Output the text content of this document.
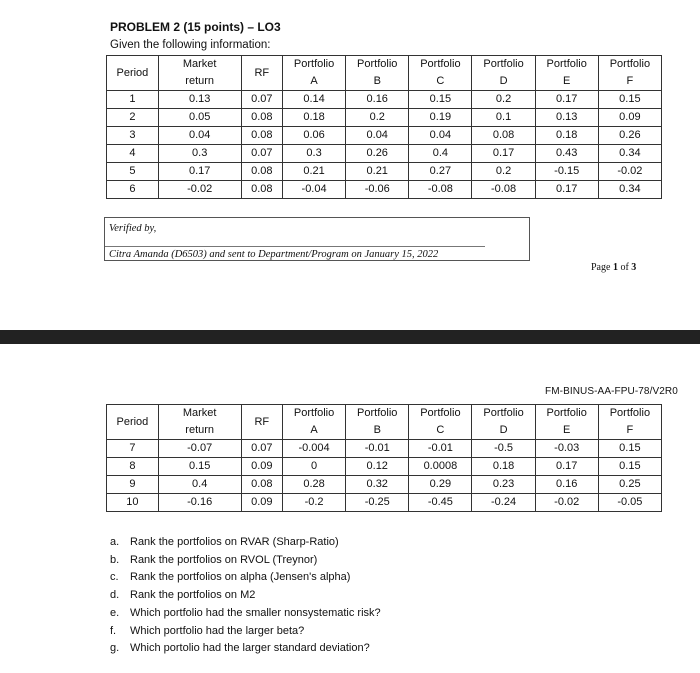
PROBLEM 2 (15 points) – LO3
Given the following information:
Period	Market	RF	Portfolio	Portfolio	Portfolio	Portfolio	Portfolio	Portfolio
	return		A	B	C	D	E	F
1	0.13	0.07	0.14	0.16	0.15	0.2	0.17	0.15
2	0.05	0.08	0.18	0.2	0.19	0.1	0.13	0.09
3	0.04	0.08	0.06	0.04	0.04	0.08	0.18	0.26
4	0.3	0.07	0.3	0.26	0.4	0.17	0.43	0.34
5	0.17	0.08	0.21	0.21	0.27	0.2	-0.15	-0.02
6	-0.02	0.08	-0.04	-0.06	-0.08	-0.08	0.17	0.34
Verified by,
Citra Amanda (D6503) and sent to Department/Program on January 15, 2022
Page 1 of 3
FM-BINUS-AA-FPU-78/V2R0
Period	Market	RF	Portfolio	Portfolio	Portfolio	Portfolio	Portfolio	Portfolio
	return		A	B	C	D	E	F
7	-0.07	0.07	-0.004	-0.01	-0.01	-0.5	-0.03	0.15
8	0.15	0.09	0	0.12	0.0008	0.18	0.17	0.15
9	0.4	0.08	0.28	0.32	0.29	0.23	0.16	0.25
10	-0.16	0.09	-0.2	-0.25	-0.45	-0.24	-0.02	-0.05
a. Rank the portfolios on RVAR (Sharp-Ratio)
b. Rank the portfolios on RVOL (Treynor)
c. Rank the portfolios on alpha (Jensen's alpha)
d. Rank the portfolios on M2
e. Which portfolio had the smaller nonsystematic risk?
f. Which portfolio had the larger beta?
g. Which portolio had the larger standard deviation?
